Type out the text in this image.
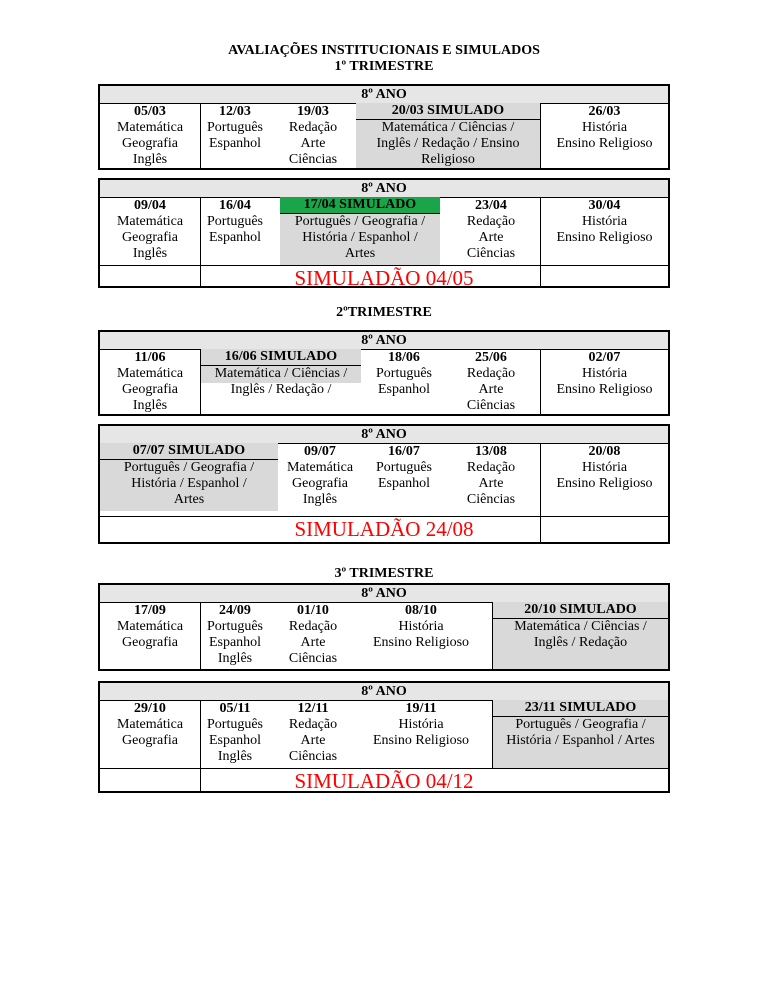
AVALIAÇÕES INSTITUCIONAIS E SIMULADOS
1º TRIMESTRE
8º ANO
05/03
Matemática
Geografia
Inglês
12/03
Português
Espanhol
19/03
Redação
Arte
Ciências
20/03 SIMULADO
Matemática / Ciências /
Inglês / Redação / Ensino
Religioso
26/03
História
Ensino Religioso
8º ANO
09/04
Matemática
Geografia
Inglês
16/04
Português
Espanhol
17/04 SIMULADO
Português / Geografia /
História / Espanhol /
Artes
23/04
Redação
Arte
Ciências
30/04
História
Ensino Religioso
SIMULADÃO 04/05
2ºTRIMESTRE
8º ANO
11/06
Matemática
Geografia
Inglês
16/06 SIMULADO
Matemática / Ciências /
Inglês / Redação /
18/06
Português
Espanhol
25/06
Redação
Arte
Ciências
02/07
História
Ensino Religioso
8º ANO
07/07 SIMULADO
Português / Geografia /
História / Espanhol /
Artes
09/07
Matemática
Geografia
Inglês
16/07
Português
Espanhol
13/08
Redação
Arte
Ciências
20/08
História
Ensino Religioso
SIMULADÃO 24/08
3º TRIMESTRE
8º ANO
17/09
Matemática
Geografia
24/09
Português
Espanhol
Inglês
01/10
Redação
Arte
Ciências
08/10
História
Ensino Religioso
20/10 SIMULADO
Matemática / Ciências /
Inglês / Redação
8º ANO
29/10
Matemática
Geografia
05/11
Português
Espanhol
Inglês
12/11
Redação
Arte
Ciências
19/11
História
Ensino Religioso
23/11 SIMULADO
Português / Geografia /
História / Espanhol / Artes
SIMULADÃO 04/12
